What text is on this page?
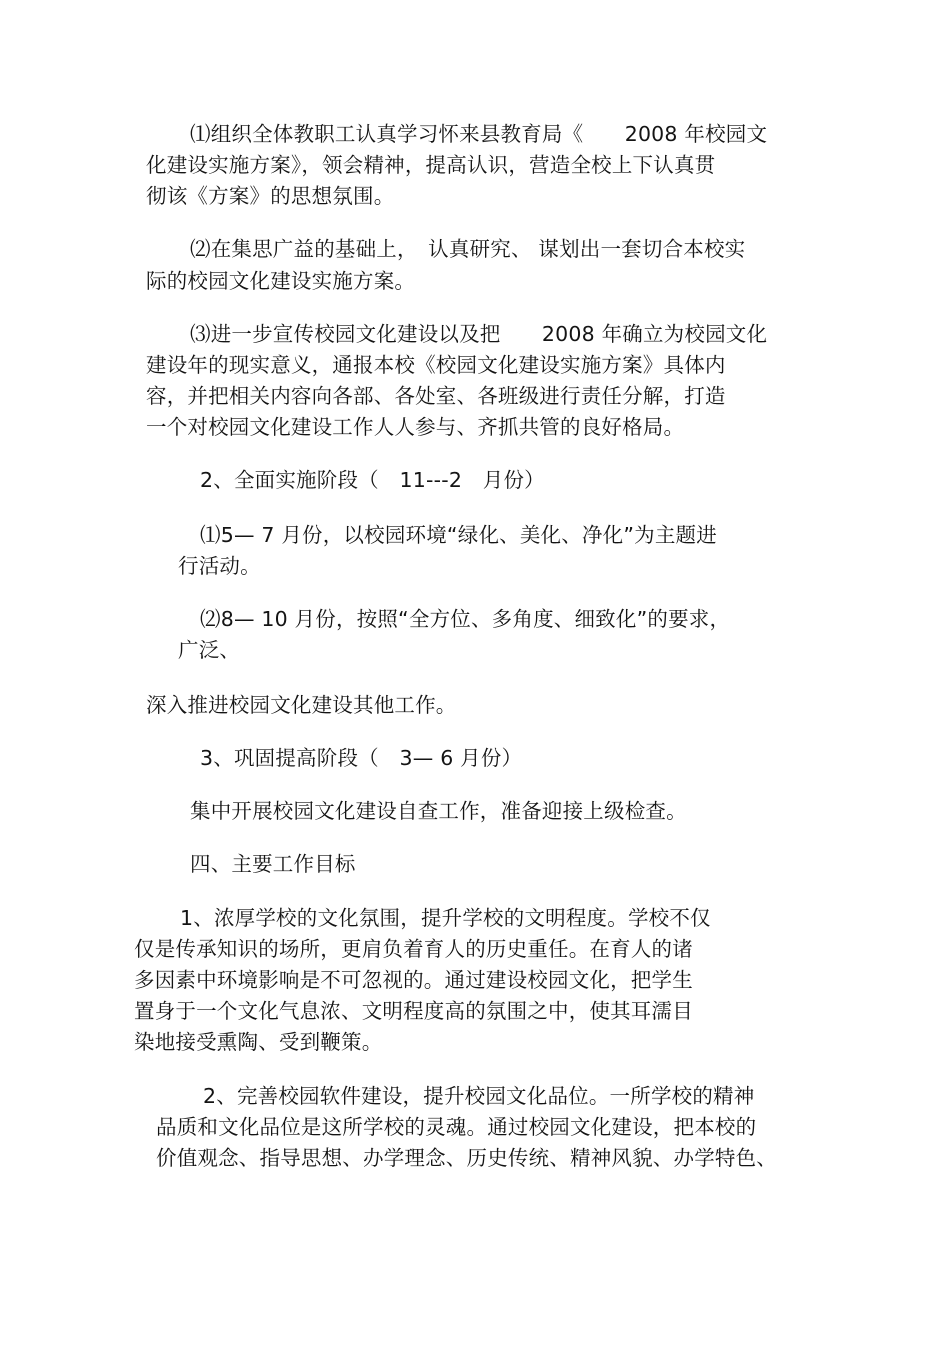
⑴组织全体教职工认真学习怀来县教育局《　　2008 年校园文
化建设实施方案》，领会精神，提高认识，营造全校上下认真贯
彻该《方案》的思想氛围。
⑵在集思广益的基础上，　认真研究、 谋划出一套切合本校实
际的校园文化建设实施方案。
⑶进一步宣传校园文化建设以及把　　2008 年确立为校园文化
建设年的现实意义，通报本校《校园文化建设实施方案》具体内
容，并把相关内容向各部、各处室、各班级进行责任分解，打造
一个对校园文化建设工作人人参与、齐抓共管的良好格局。
2、全面实施阶段（　11---2　月份）
⑴5— 7 月份，以校园环境“绿化、美化、净化”为主题进
行活动。
⑵8— 10 月份，按照“全方位、多角度、细致化”的要求，
广泛、
深入推进校园文化建设其他工作。
3、巩固提高阶段（　3— 6 月份）
集中开展校园文化建设自查工作，准备迎接上级检查。
四、主要工作目标
1、浓厚学校的文化氛围，提升学校的文明程度。学校不仅
仅是传承知识的场所，更肩负着育人的历史重任。在育人的诸
多因素中环境影响是不可忽视的。通过建设校园文化，把学生
置身于一个文化气息浓、文明程度高的氛围之中，使其耳濡目
染地接受熏陶、受到鞭策。
2、完善校园软件建设，提升校园文化品位。一所学校的精神
品质和文化品位是这所学校的灵魂。通过校园文化建设，把本校的
价值观念、指导思想、办学理念、历史传统、精神风貌、办学特色、
